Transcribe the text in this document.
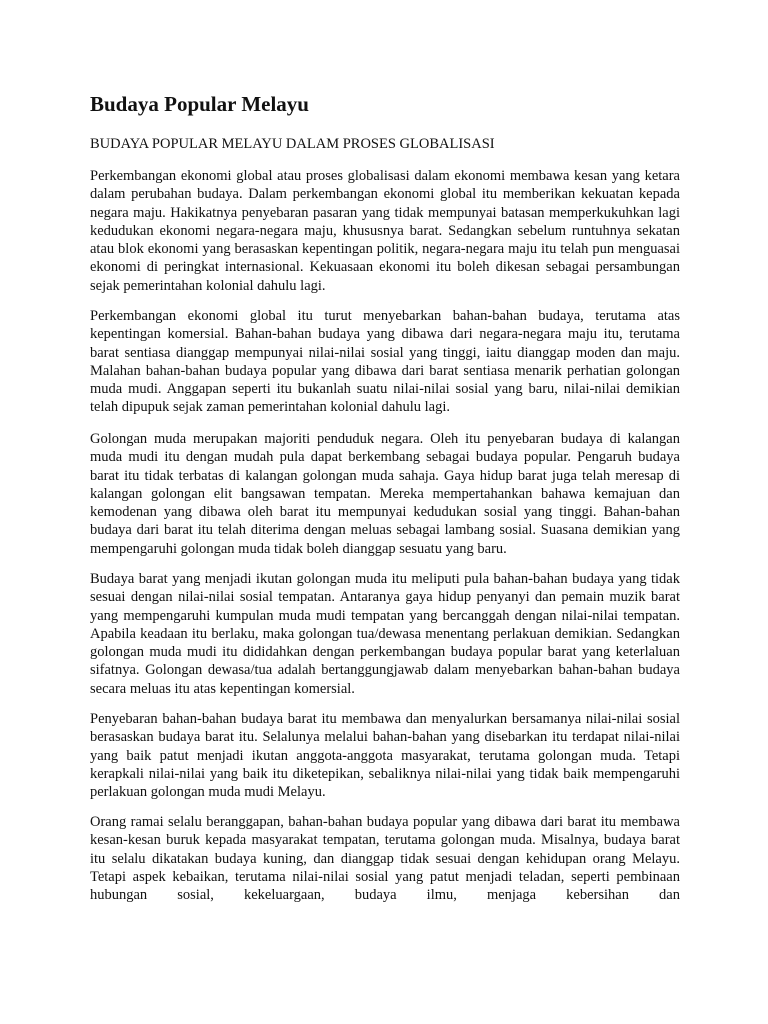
Budaya Popular Melayu

BUDAYA POPULAR MELAYU DALAM PROSES GLOBALISASI

Perkembangan ekonomi global atau proses globalisasi dalam ekonomi membawa kesan yang ketara dalam perubahan budaya. Dalam perkembangan ekonomi global itu memberikan kekuatan kepada negara maju. Hakikatnya penyebaran pasaran yang tidak mempunyai batasan memperkukuhkan lagi kedudukan ekonomi negara-negara maju, khususnya barat. Sedangkan sebelum runtuhnya sekatan atau blok ekonomi yang berasaskan kepentingan politik, negara-negara maju itu telah pun menguasai ekonomi di peringkat internasional. Kekuasaan ekonomi itu boleh dikesan sebagai persambungan sejak pemerintahan kolonial dahulu lagi.

Perkembangan ekonomi global itu turut menyebarkan bahan-bahan budaya, terutama atas kepentingan komersial. Bahan-bahan budaya yang dibawa dari negara-negara maju itu, terutama barat sentiasa dianggap mempunyai nilai-nilai sosial yang tinggi, iaitu dianggap moden dan maju. Malahan bahan-bahan budaya popular yang dibawa dari barat sentiasa menarik perhatian golongan muda mudi. Anggapan seperti itu bukanlah suatu nilai-nilai sosial yang baru, nilai-nilai demikian telah dipupuk sejak zaman pemerintahan kolonial dahulu lagi.

Golongan muda merupakan majoriti penduduk negara. Oleh itu penyebaran budaya di kalangan muda mudi itu dengan mudah pula dapat berkembang sebagai budaya popular. Pengaruh budaya barat itu tidak terbatas di kalangan golongan muda sahaja. Gaya hidup barat juga telah meresap di kalangan golongan elit bangsawan tempatan. Mereka mempertahankan bahawa kemajuan dan kemodenan yang dibawa oleh barat itu mempunyai kedudukan sosial yang tinggi. Bahan-bahan budaya dari barat itu telah diterima dengan meluas sebagai lambang sosial. Suasana demikian yang mempengaruhi golongan muda tidak boleh dianggap sesuatu yang baru.

Budaya barat yang menjadi ikutan golongan muda itu meliputi pula bahan-bahan budaya yang tidak sesuai dengan nilai-nilai sosial tempatan. Antaranya gaya hidup penyanyi dan pemain muzik barat yang mempengaruhi kumpulan muda mudi tempatan yang bercanggah dengan nilai-nilai tempatan. Apabila keadaan itu berlaku, maka golongan tua/dewasa menentang perlakuan demikian. Sedangkan golongan muda mudi itu dididahkan dengan perkembangan budaya popular barat yang keterlaluan sifatnya. Golongan dewasa/tua adalah bertanggungjawab dalam menyebarkan bahan-bahan budaya secara meluas itu atas kepentingan komersial.

Penyebaran bahan-bahan budaya barat itu membawa dan menyalurkan bersamanya nilai-nilai sosial berasaskan budaya barat itu. Selalunya melalui bahan-bahan yang disebarkan itu terdapat nilai-nilai yang baik patut menjadi ikutan anggota-anggota masyarakat, terutama golongan muda. Tetapi kerapkali nilai-nilai yang baik itu diketepikan, sebaliknya nilai-nilai yang tidak baik mempengaruhi perlakuan golongan muda mudi Melayu.

Orang ramai selalu beranggapan, bahan-bahan budaya popular yang dibawa dari barat itu membawa kesan-kesan buruk kepada masyarakat tempatan, terutama golongan muda. Misalnya, budaya barat itu selalu dikatakan budaya kuning, dan dianggap tidak sesuai dengan kehidupan orang Melayu. Tetapi aspek kebaikan, terutama nilai-nilai sosial yang patut menjadi teladan, seperti pembinaan hubungan sosial, kekeluargaan, budaya ilmu, menjaga kebersihan dan
